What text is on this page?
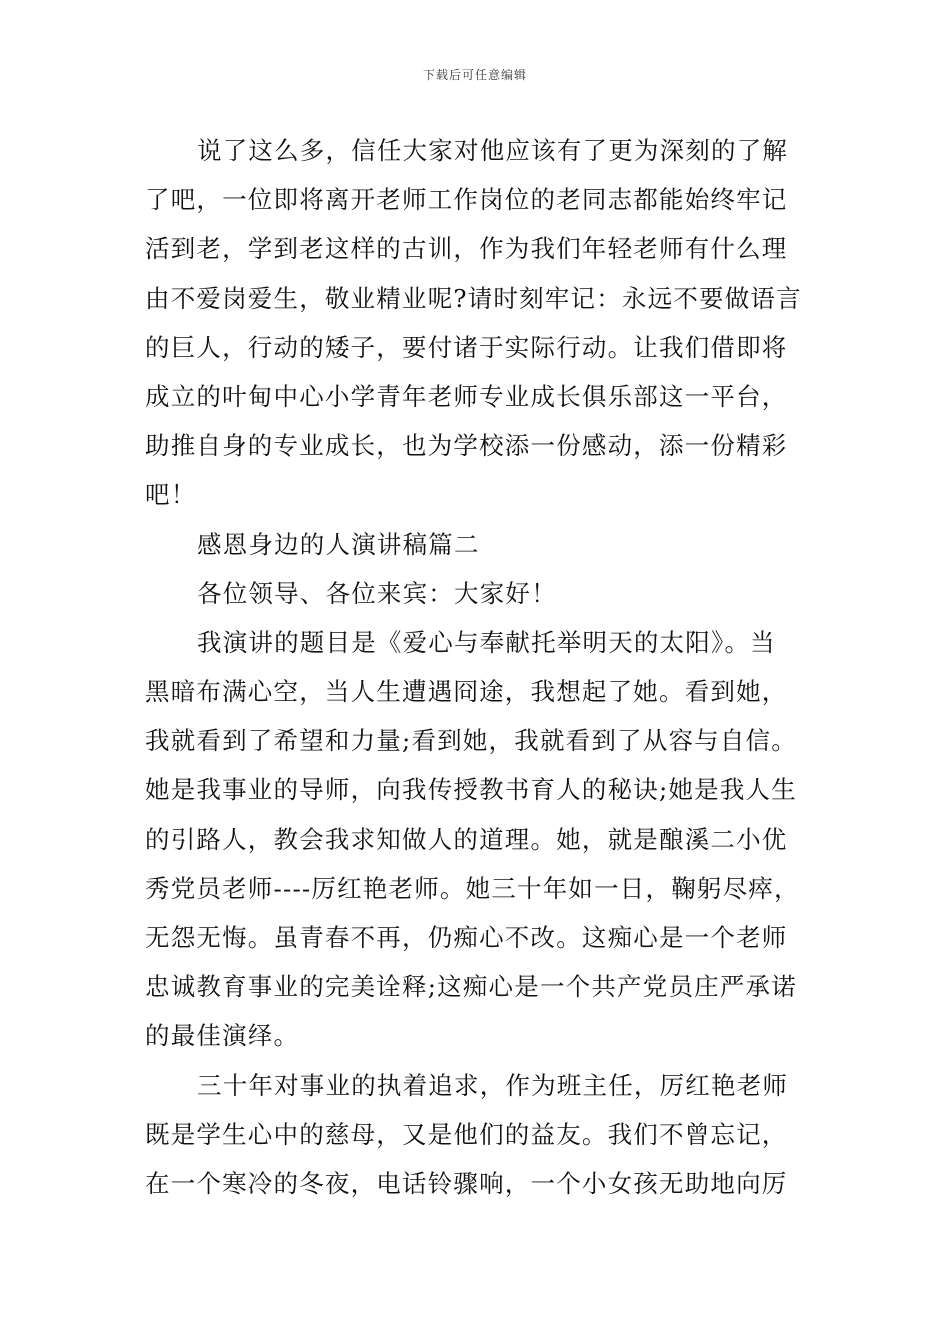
下载后可任意编辑
说了这么多，信任大家对他应该有了更为深刻的了解
了吧，一位即将离开老师工作岗位的老同志都能始终牢记
活到老，学到老这样的古训，作为我们年轻老师有什么理
由不爱岗爱生，敬业精业呢?请时刻牢记：永远不要做语言
的巨人，行动的矮子，要付诸于实际行动。让我们借即将
成立的叶甸中心小学青年老师专业成长俱乐部这一平台，
助推自身的专业成长，也为学校添一份感动，添一份精彩
吧！
感恩身边的人演讲稿篇二
各位领导、各位来宾：大家好！
我演讲的题目是《爱心与奉献托举明天的太阳》。当
黑暗布满心空，当人生遭遇冏途，我想起了她。看到她，
我就看到了希望和力量;看到她，我就看到了从容与自信。
她是我事业的导师，向我传授教书育人的秘诀;她是我人生
的引路人，教会我求知做人的道理。她，就是酿溪二小优
秀党员老师----厉红艳老师。她三十年如一日，鞠躬尽瘁，
无怨无悔。虽青春不再，仍痴心不改。这痴心是一个老师
忠诚教育事业的完美诠释;这痴心是一个共产党员庄严承诺
的最佳演绎。
三十年对事业的执着追求，作为班主任，厉红艳老师
既是学生心中的慈母，又是他们的益友。我们不曾忘记，
在一个寒冷的冬夜，电话铃骤响，一个小女孩无助地向厉
